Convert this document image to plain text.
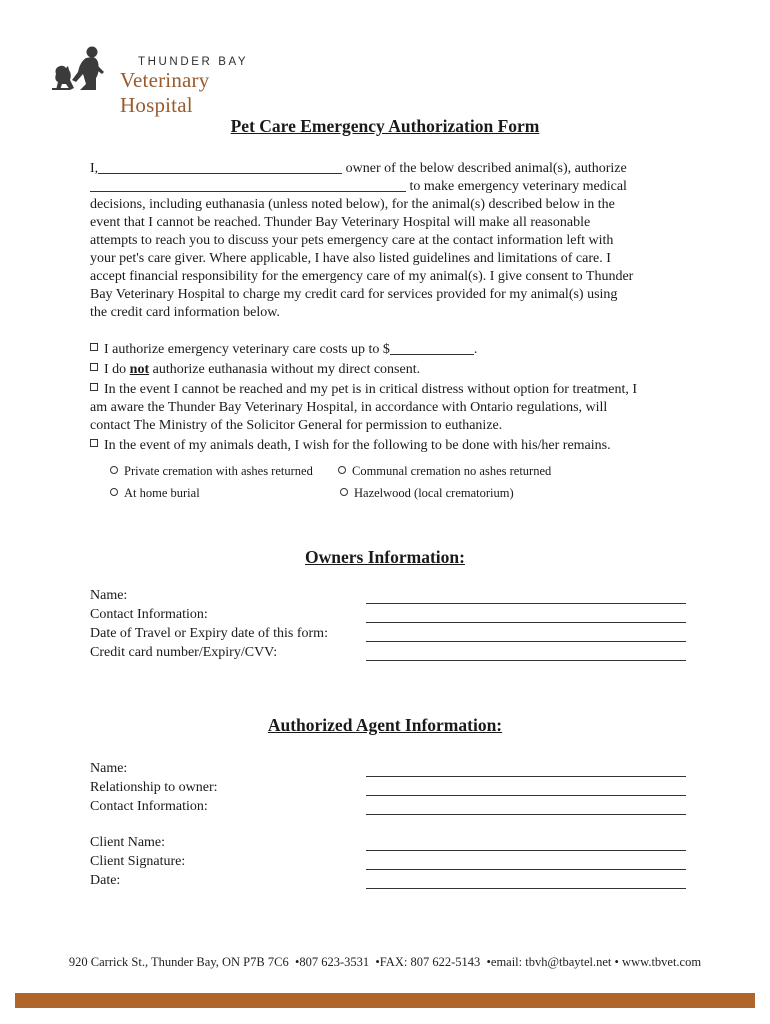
THUNDER BAY
Veterinary Hospital
Pet Care Emergency Authorization Form
I,	owner of the below described animal(s), authorize
to make emergency veterinary medical
decisions, including euthanasia (unless noted below), for the animal(s) described below in the
event that I cannot be reached. Thunder Bay Veterinary Hospital will make all reasonable
attempts to reach you to discuss your pets emergency care at the contact information left with
your pet's care giver. Where applicable, I have also listed guidelines and limitations of care. I
accept financial responsibility for the emergency care of my animal(s). I give consent to Thunder
Bay Veterinary Hospital to charge my credit card for services provided for my animal(s) using
the credit card information below.
I authorize emergency veterinary care costs up to $	.
I do not authorize euthanasia without my direct consent.
In the event I cannot be reached and my pet is in critical distress without option for treatment, I
am aware the Thunder Bay Veterinary Hospital, in accordance with Ontario regulations, will
contact The Ministry of the Solicitor General for permission to euthanize.
In the event of my animals death, I wish for the following to be done with his/her remains.
Private cremation with ashes returned	Communal cremation no ashes returned
At home burial	Hazelwood (local crematorium)
Owners Information:
Name:
Contact Information:
Date of Travel or Expiry date of this form:
Credit card number/Expiry/CVV:
Authorized Agent Information:
Name:
Relationship to owner:
Contact Information:
Client Name:
Client Signature:
Date:
920 Carrick St., Thunder Bay, ON P7B 7C6  •807 623-3531  •FAX: 807 622-5143  •email: tbvh@tbaytel.net • www.tbvet.com
